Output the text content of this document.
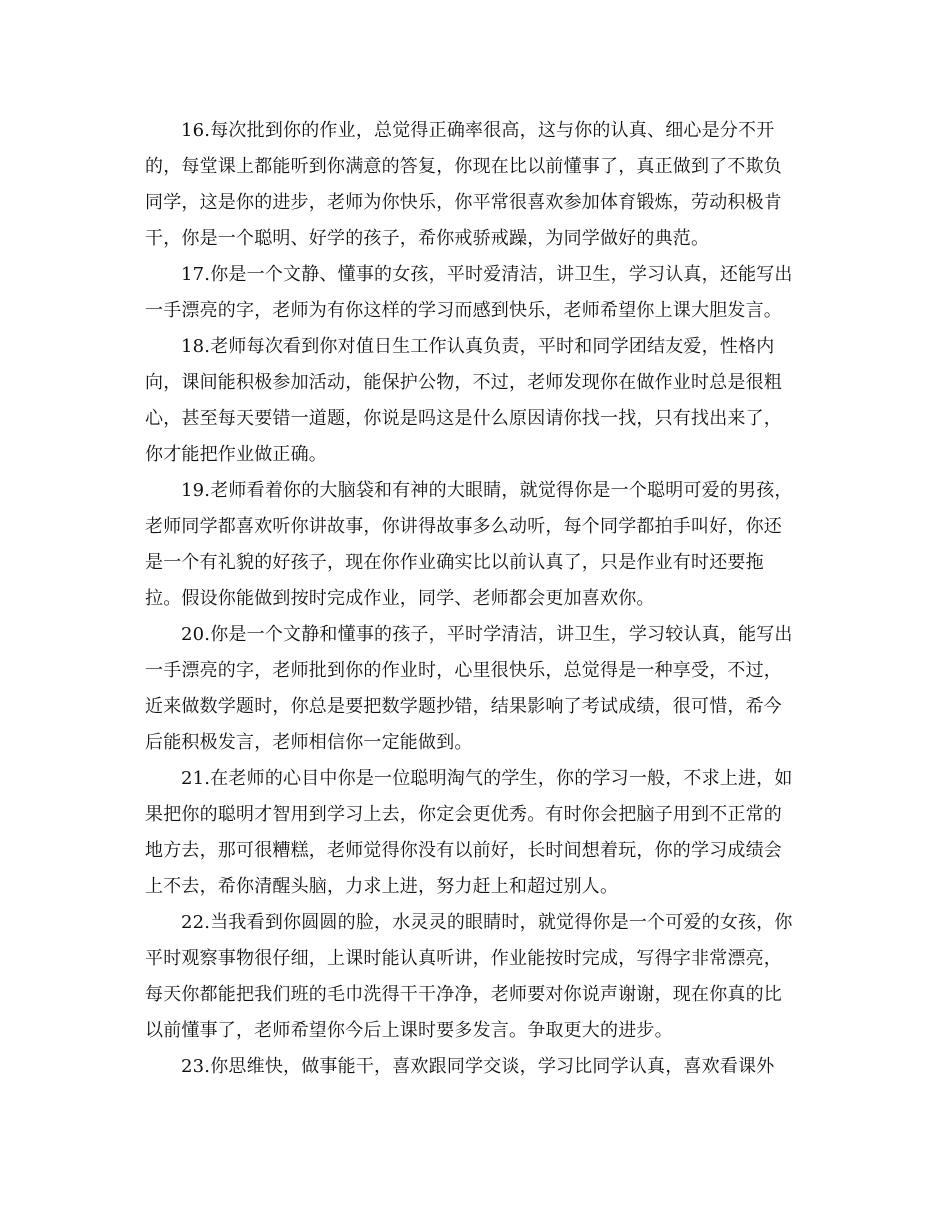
16.每次批到你的作业，总觉得正确率很高，这与你的认真、细心是分不开
的，每堂课上都能听到你满意的答复，你现在比以前懂事了，真正做到了不欺负
同学，这是你的进步，老师为你快乐，你平常很喜欢参加体育锻炼，劳动积极肯
干，你是一个聪明、好学的孩子，希你戒骄戒躁，为同学做好的典范。

17.你是一个文静、懂事的女孩，平时爱清洁，讲卫生，学习认真，还能写出
一手漂亮的字，老师为有你这样的学习而感到快乐，老师希望你上课大胆发言。

18.老师每次看到你对值日生工作认真负责，平时和同学团结友爱，性格内
向，课间能积极参加活动，能保护公物，不过，老师发现你在做作业时总是很粗
心，甚至每天要错一道题，你说是吗这是什么原因请你找一找，只有找出来了，
你才能把作业做正确。

19.老师看着你的大脑袋和有神的大眼睛，就觉得你是一个聪明可爱的男孩，
老师同学都喜欢听你讲故事，你讲得故事多么动听，每个同学都拍手叫好，你还
是一个有礼貌的好孩子，现在你作业确实比以前认真了，只是作业有时还要拖
拉。假设你能做到按时完成作业，同学、老师都会更加喜欢你。

20.你是一个文静和懂事的孩子，平时学清洁，讲卫生，学习较认真，能写出
一手漂亮的字，老师批到你的作业时，心里很快乐，总觉得是一种享受，不过，
近来做数学题时，你总是要把数学题抄错，结果影响了考试成绩，很可惜，希今
后能积极发言，老师相信你一定能做到。

21.在老师的心目中你是一位聪明淘气的学生，你的学习一般，不求上进，如
果把你的聪明才智用到学习上去，你定会更优秀。有时你会把脑子用到不正常的
地方去，那可很糟糕，老师觉得你没有以前好，长时间想着玩，你的学习成绩会
上不去，希你清醒头脑，力求上进，努力赶上和超过别人。

22.当我看到你圆圆的脸，水灵灵的眼睛时，就觉得你是一个可爱的女孩，你
平时观察事物很仔细，上课时能认真听讲，作业能按时完成，写得字非常漂亮，
每天你都能把我们班的毛巾洗得干干净净，老师要对你说声谢谢，现在你真的比
以前懂事了，老师希望你今后上课时要多发言。争取更大的进步。

23.你思维快，做事能干，喜欢跟同学交谈，学习比同学认真，喜欢看课外
